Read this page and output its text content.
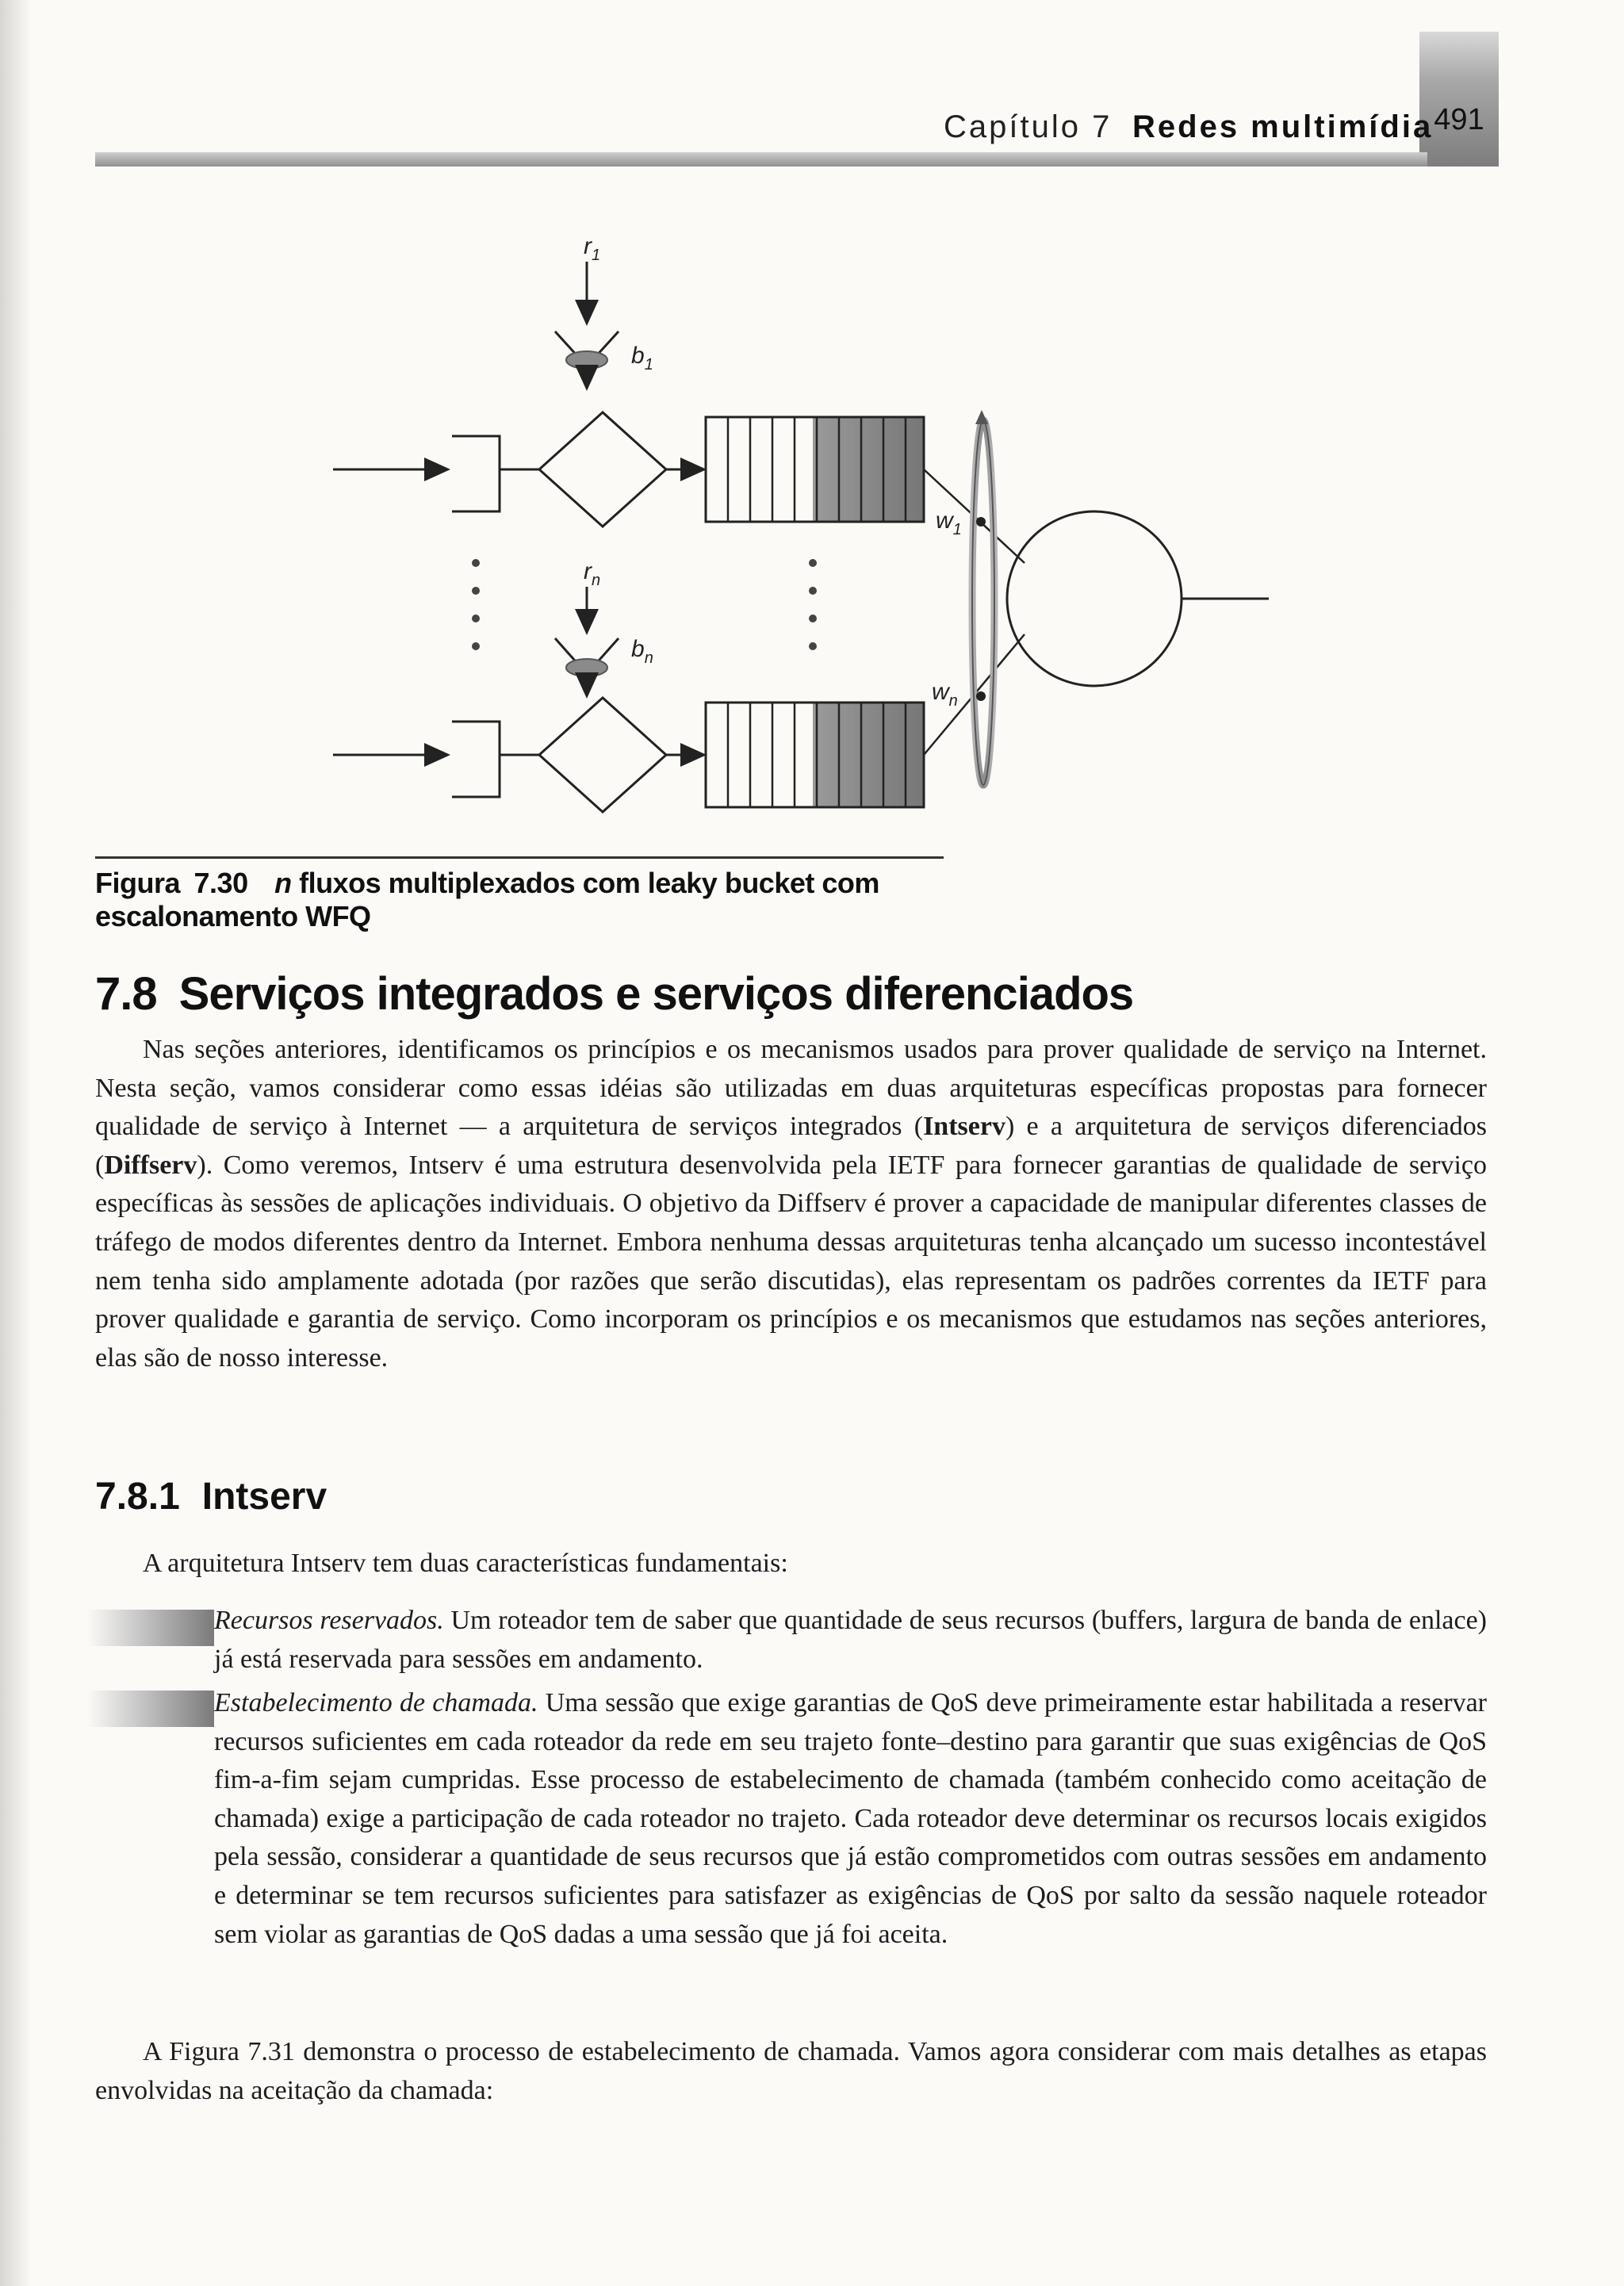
Capítulo 7 Redes multimídia 491
$r_1$
$b_1$
$r_n$
$b_n$
$w_1$
$w_n$
Figura 7.30 n fluxos multiplexados com leaky bucket com escalonamento WFQ
7.8 Serviços integrados e serviços diferenciados

Nas seções anteriores, identificamos os princípios e os mecanismos usados para prover qualidade de serviço na Internet. Nesta seção, vamos considerar como essas idéias são utilizadas em duas arquiteturas específicas propostas para fornecer qualidade de serviço à Internet — a arquitetura de serviços integrados (Intserv) e a arquitetura de serviços diferenciados (Diffserv). Como veremos, Intserv é uma estrutura desenvolvida pela IETF para fornecer garantias de qualidade de serviço específicas às sessões de aplicações individuais. O objetivo da Diffserv é prover a capacidade de manipular diferentes classes de tráfego de modos diferentes dentro da Internet. Embora nenhuma dessas arquiteturas tenha alcançado um sucesso incontestável nem tenha sido amplamente adotada (por razões que serão discutidas), elas representam os padrões correntes da IETF para prover qualidade e garantia de serviço. Como incorporam os princípios e os mecanismos que estudamos nas seções anteriores, elas são de nosso interesse.

7.8.1 Intserv

A arquitetura Intserv tem duas características fundamentais:

Recursos reservados. Um roteador tem de saber que quantidade de seus recursos (buffers, largura de banda de enlace) já está reservada para sessões em andamento.

Estabelecimento de chamada. Uma sessão que exige garantias de QoS deve primeiramente estar habilitada a reservar recursos suficientes em cada roteador da rede em seu trajeto fonte–destino para garantir que suas exigências de QoS fim-a-fim sejam cumpridas. Esse processo de estabelecimento de chamada (também conhecido como aceitação de chamada) exige a participação de cada roteador no trajeto. Cada roteador deve determinar os recursos locais exigidos pela sessão, considerar a quantidade de seus recursos que já estão comprometidos com outras sessões em andamento e determinar se tem recursos suficientes para satisfazer as exigências de QoS por salto da sessão naquele roteador sem violar as garantias de QoS dadas a uma sessão que já foi aceita.

A Figura 7.31 demonstra o processo de estabelecimento de chamada. Vamos agora considerar com mais detalhes as etapas envolvidas na aceitação da chamada:
